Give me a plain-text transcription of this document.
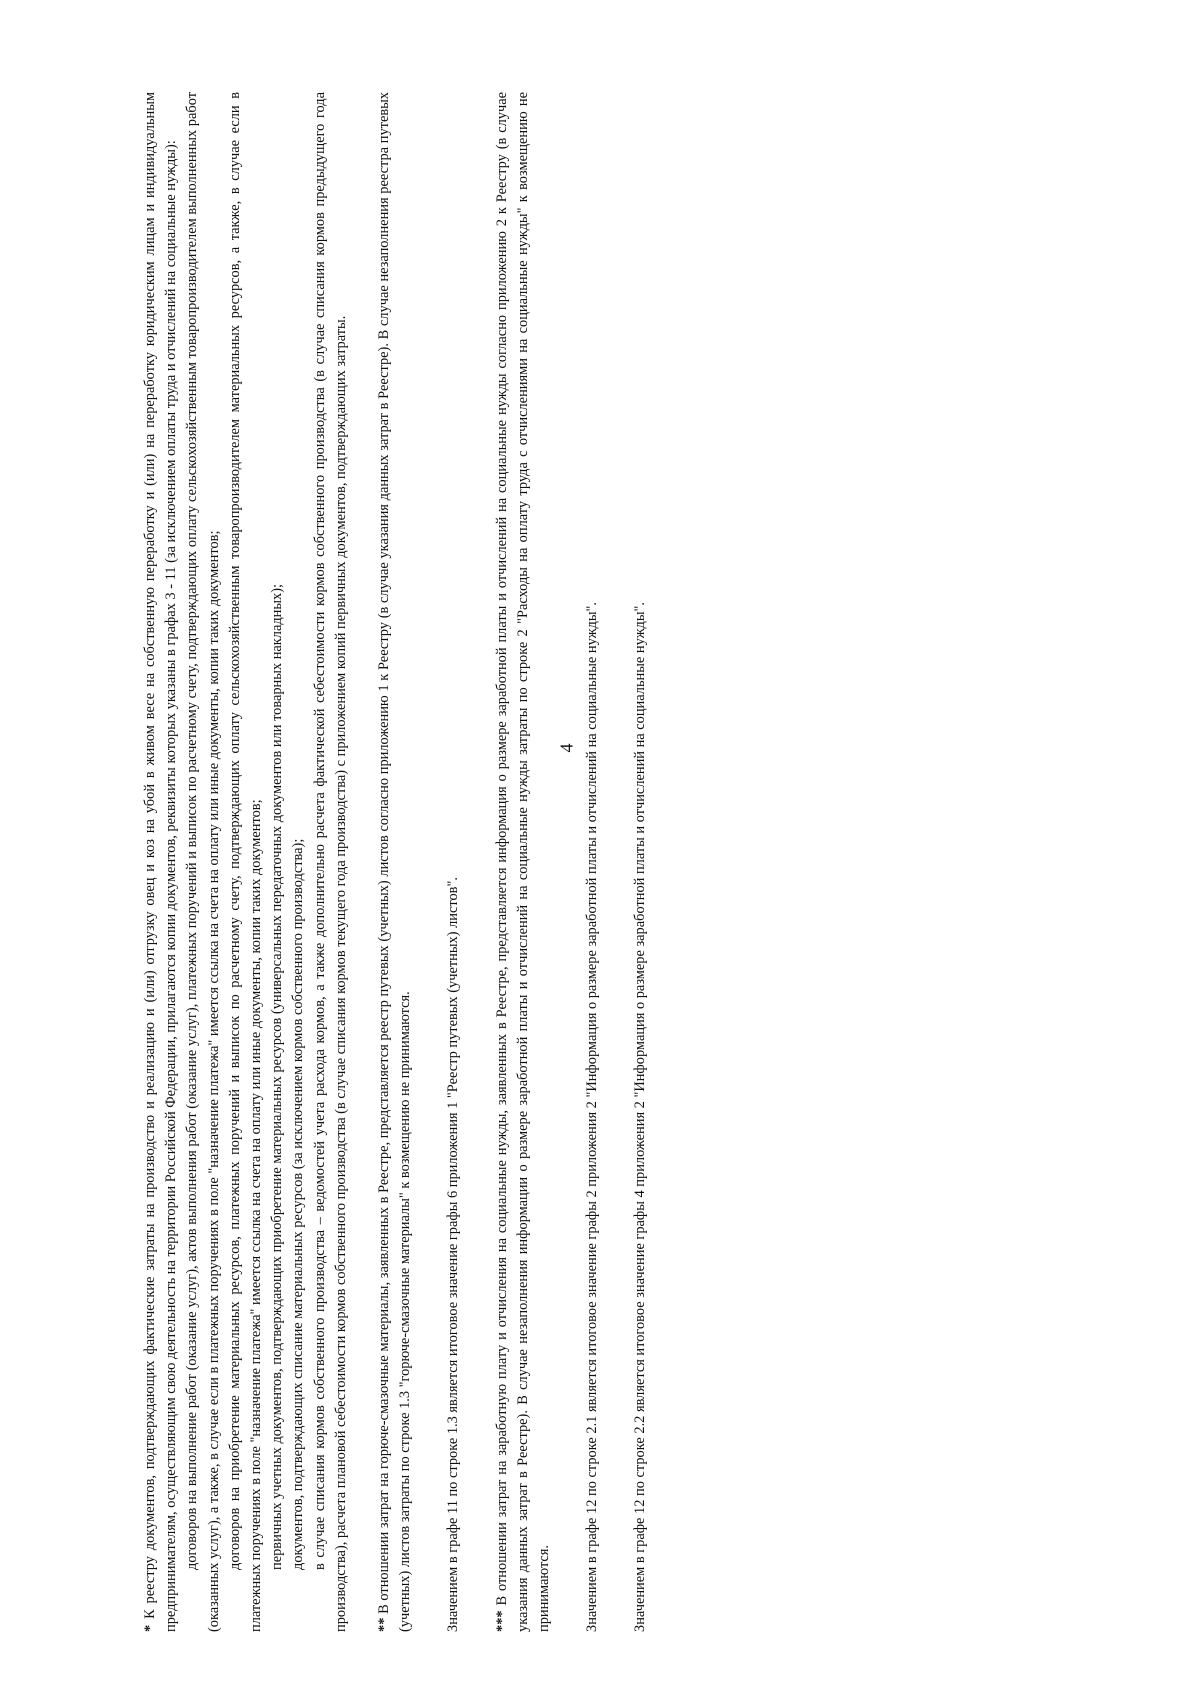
4

* К реестру документов, подтверждающих фактические затраты на производство и реализацию и (или) отгрузку овец и коз на убой в живом весе на собственную переработку и (или) на переработку юридическим лицам и индивидуальным предпринимателям, осуществляющим свою деятельность на территории Российской Федерации, прилагаются копии документов, реквизиты которых указаны в графах 3 - 11 (за исключением оплаты труда и отчислений на социальные нужды): договоров на выполнение работ (оказание услуг), актов выполнения работ (оказание услуг), платежных поручений и выписок по расчетному счету, подтверждающих оплату сельскохозяйственным товаропроизводителем выполненных работ (оказанных услуг), а также, в случае если в платежных поручениях в поле "назначение платежа" имеется ссылка на счета на оплату или иные документы, копии таких документов; договоров на приобретение материальных ресурсов, платежных поручений и выписок по расчетному счету, подтверждающих оплату сельскохозяйственным товаропроизводителем материальных ресурсов, а также, в случае если в платежных поручениях в поле "назначение платежа" имеется ссылка на счета на оплату или иные документы, копии таких документов; первичных учетных документов, подтверждающих приобретение материальных ресурсов (универсальных передаточных документов или товарных накладных); документов, подтверждающих списание материальных ресурсов (за исключением кормов собственного производства); в случае списания кормов собственного производства – ведомостей учета расхода кормов, а также дополнительно расчета фактической себестоимости кормов собственного производства (в случае списания кормов предыдущего года производства), расчета плановой себестоимости кормов собственного производства (в случае списания кормов текущего года производства) с приложением копий первичных документов, подтверждающих затраты. ** В отношении затрат на горюче-смазочные материалы, заявленных в Реестре, представляется реестр путевых (учетных) листов согласно приложению 1 к Реестру (в случае указания данных затрат в Реестре). В случае незаполнения реестра путевых (учетных) листов затраты по строке 1.3 "горюче-смазочные материалы" к возмещению не принимаются. Значением в графе 11 по строке 1.3 является итоговое значение графы 6 приложения 1 "Реестр путевых (учетных) листов". *** В отношении затрат на заработную плату и отчисления на социальные нужды, заявленных в Реестре, представляется информация о размере заработной платы и отчислений на социальные нужды согласно приложению 2 к Реестру (в случае указания данных затрат в Реестре). В случае незаполнения информации о размере заработной платы и отчислений на социальные нужды затраты по строке 2 "Расходы на оплату труда с отчислениями на социальные нужды" к возмещению не принимаются. Значением в графе 12 по строке 2.1 является итоговое значение графы 2 приложения 2 "Информация о размере заработной платы и отчислений на социальные нужды". Значением в графе 12 по строке 2.2 является итоговое значение графы 4 приложения 2 "Информация о размере заработной платы и отчислений на социальные нужды".
